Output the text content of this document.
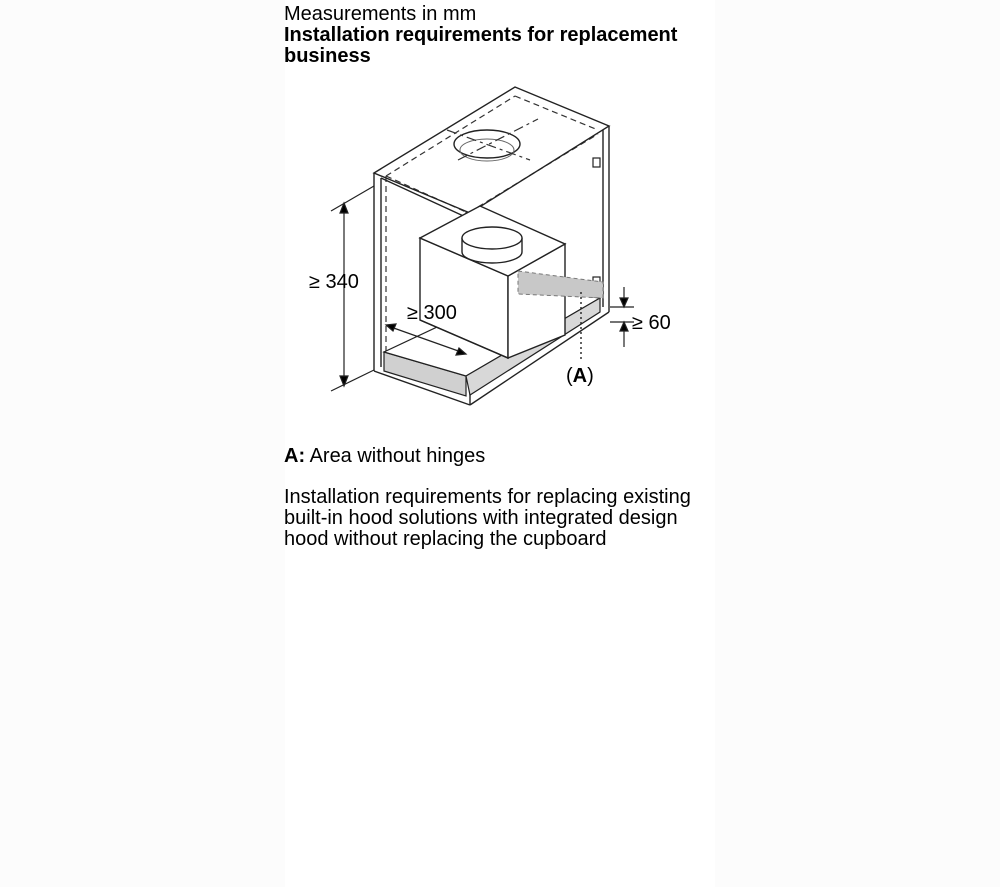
Measurements in mm
Installation requirements for replacement business
≥ 340
≥ 300	≥ 60
(A)
A: Area without hinges
Installation requirements for replacing existing built-in hood solutions with integrated design hood without replacing the cupboard
